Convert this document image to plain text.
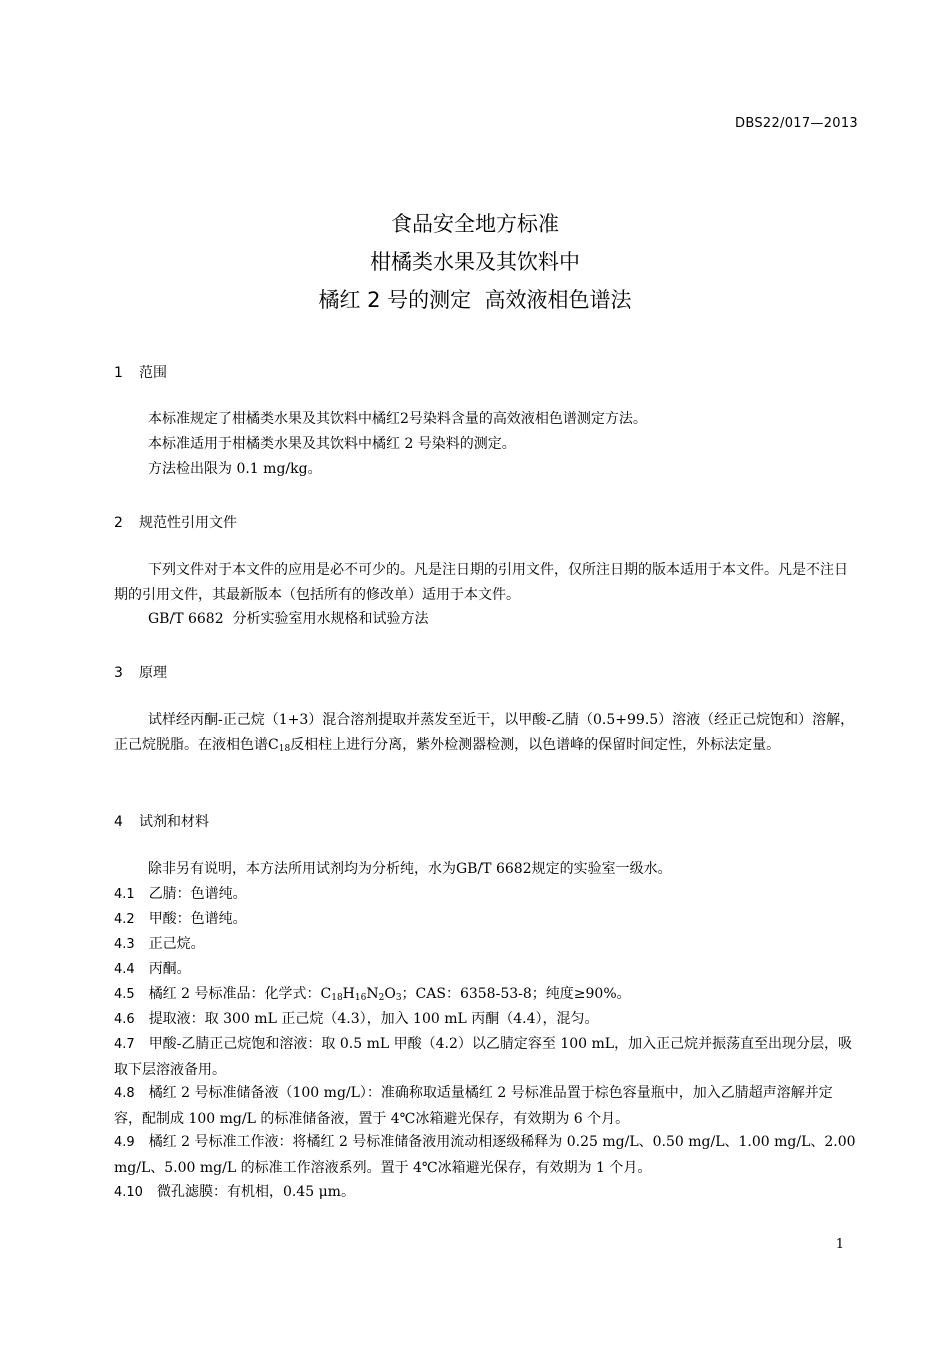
DBS22/017—2013
食品安全地方标准
柑橘类水果及其饮料中
橘红 2 号的测定  高效液相色谱法
1 范围
本标准规定了柑橘类水果及其饮料中橘红2号染料含量的高效液相色谱测定方法。
本标准适用于柑橘类水果及其饮料中橘红 2 号染料的测定。
方法检出限为 0.1 mg/kg。
2 规范性引用文件
下列文件对于本文件的应用是必不可少的。凡是注日期的引用文件，仅所注日期的版本适用于本文件。凡是不注日期的引用文件，其最新版本（包括所有的修改单）适用于本文件。
GB/T 6682  分析实验室用水规格和试验方法
3 原理
试样经丙酮-正己烷（1+3）混合溶剂提取并蒸发至近干，以甲酸-乙腈（0.5+99.5）溶液（经正己烷饱和）溶解，正己烷脱脂。在液相色谱$C_{18}$反相柱上进行分离，紫外检测器检测，以色谱峰的保留时间定性，外标法定量。
4 试剂和材料
除非另有说明，本方法所用试剂均为分析纯，水为GB/T 6682规定的实验室一级水。
4.1 乙腈：色谱纯。
4.2 甲酸：色谱纯。
4.3 正己烷。
4.4 丙酮。
4.5 橘红 2 号标准品：化学式：$C_{18}H_{16}N_2O_3$；CAS：6358-53-8；纯度≥90%。
4.6 提取液：取 300 mL 正己烷（4.3），加入 100 mL 丙酮（4.4），混匀。
4.7 甲酸-乙腈正己烷饱和溶液：取 0.5 mL 甲酸（4.2）以乙腈定容至 100 mL，加入正己烷并振荡直至出现分层，吸取下层溶液备用。
4.8 橘红 2 号标准储备液（100 mg/L）：准确称取适量橘红 2 号标准品置于棕色容量瓶中，加入乙腈超声溶解并定容，配制成 100 mg/L 的标准储备液，置于 4℃冰箱避光保存，有效期为 6 个月。
4.9 橘红 2 号标准工作液：将橘红 2 号标准储备液用流动相逐级稀释为 0.25 mg/L、0.50 mg/L、1.00 mg/L、2.00 mg/L、5.00 mg/L 的标准工作溶液系列。置于 4℃冰箱避光保存，有效期为 1 个月。
4.10 微孔滤膜：有机相，0.45 μm。
1
